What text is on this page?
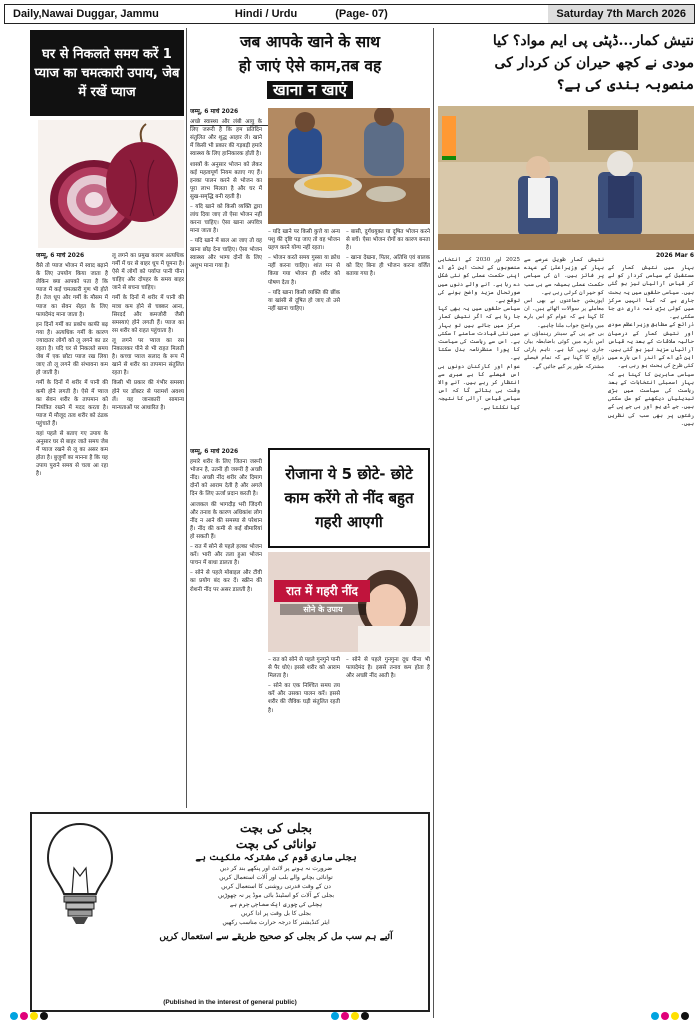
Daily,Nawai Duggar, Jammu	Hindi / Urdu	(Page- 07)	Saturday 7th March 2026
घर से निकलते समय करें 1 प्याज का चमत्कारी उपाय, जेब में रखें प्याज

जम्मू, 6 मार्च 2026

वैसे तो प्याज भोजन में स्वाद बढ़ाने के लिए उपयोग किया जाता है लेकिन क्या आपको पता है कि प्याज में कई चमत्कारी गुण भी होते हैं। तेज धूप और गर्मी के मौसम में प्याज का सेवन सेहत के लिए फायदेमंद माना जाता है।

इन दिनों गर्मी का प्रकोप काफी बढ़ गया है। अत्यधिक गर्मी के कारण ज्यादातर लोगों को लू लगने का डर रहता है। यदि घर से निकलते समय जेब में एक छोटा प्याज रख लिया जाए तो लू लगने की संभावना कम हो जाती है।

गर्मी के दिनों में शरीर में पानी की कमी होने लगती है। ऐसे में प्याज का सेवन शरीर के तापमान को नियंत्रित रखने में मदद करता है। प्याज में मौजूद तत्व शरीर को ठंडक पहुंचाते हैं।

यहां पहले से बताए गए उपाय के अनुसार घर से बाहर जाते समय जेब में प्याज रखने से लू का असर कम होता है। बुजुर्गों का मानना है कि यह उपाय पुराने समय से चला आ रहा है।

लू लगने का प्रमुख कारण अत्यधिक गर्मी में घर से बाहर धूप में घूमना है। ऐसे में लोगों को पर्याप्त पानी पीना चाहिए और दोपहर के समय बाहर जाने से बचना चाहिए।

गर्मी के दिनों में शरीर में पानी की मात्रा कम होने से चक्कर आना, सिरदर्द और कमजोरी जैसी समस्याएं होने लगती हैं। प्याज का रस शरीर को राहत पहुंचाता है।

लू लगने पर प्याज का रस निकालकर पीने से भी राहत मिलती है। कच्चा प्याज सलाद के रूप में खाने से शरीर का तापमान संतुलित रहता है।

किसी भी प्रकार की गंभीर समस्या होने पर डॉक्टर से परामर्श अवश्य लें। यह जानकारी सामान्य मान्यताओं पर आधारित है।

जब आपके खाने के साथ
हो जाएं ऐसे काम,तब वह
खाना न खाएं

जम्मू, 6 मार्च 2026

अच्छे स्वास्थ्य और लंबी आयु के लिए जरूरी है कि हम प्रतिदिन संतुलित और शुद्ध आहार लें। खाने में किसी भी प्रकार की गड़बड़ी हमारे स्वास्थ्य के लिए हानिकारक होती है।

शास्त्रों के अनुसार भोजन को लेकर कई महत्वपूर्ण नियम बताए गए हैं। इनका पालन करने से भोजन का पूरा लाभ मिलता है और घर में सुख-समृद्धि बनी रहती है।

– यदि खाने को किसी व्यक्ति द्वारा लांघ दिया जाए तो ऐसा भोजन नहीं करना चाहिए। ऐसा खाना अपवित्र माना जाता है।

– यदि खाने में बाल आ जाए तो वह खाना छोड़ देना चाहिए। ऐसा भोजन स्वास्थ्य और भाग्य दोनों के लिए अशुभ माना गया है।

– यदि खाने पर किसी कुत्ते या अन्य पशु की दृष्टि पड़ जाए तो वह भोजन ग्रहण करने योग्य नहीं रहता।

– भोजन करते समय गुस्सा या क्रोध नहीं करना चाहिए। शांत मन से किया गया भोजन ही शरीर को पोषण देता है।

– यदि खाना किसी व्यक्ति की छींक या खांसी से दूषित हो जाए तो उसे नहीं खाना चाहिए।

– बासी, दुर्गंधयुक्त या दूषित भोजन करने से बचें। ऐसा भोजन रोगों का कारण बनता है।

– खाना देखना, पितर, अतिथि एवं बालक को दिए बिना ही भोजन करना वर्जित बताया गया है।

रोजाना ये 5 छोटे- छोटे
काम करेंगे तो नींद बहुत
गहरी आएगी

जम्मू, 6 मार्च 2026

हमारे शरीर के लिए जितना जरूरी भोजन है, उतनी ही जरूरी है अच्छी नींद। अच्छी नींद शरीर और दिमाग दोनों को आराम देती है और अगले दिन के लिए ऊर्जा प्रदान करती है।

आजकल की भागदौड़ भरी जिंदगी और तनाव के कारण अधिकांश लोग नींद न आने की समस्या से परेशान हैं। नींद की कमी से कई बीमारियां हो सकती हैं।

– रात में सोने से पहले हल्का भोजन करें। भारी और तला हुआ भोजन पाचन में बाधा डालता है।

– सोने से पहले मोबाइल और टीवी का प्रयोग बंद कर दें। स्क्रीन की रोशनी नींद पर असर डालती है।	रात में गहरी नींद
सोने के उपाय

– रात को सोने से पहले गुनगुने पानी से पैर धोएं। इससे शरीर को आराम मिलता है।

– सोने का एक निश्चित समय तय करें और उसका पालन करें। इससे शरीर की जैविक घड़ी संतुलित रहती है।

– सोने से पहले गुनगुना दूध पीना भी फायदेमंद है। इससे तनाव कम होता है और अच्छी नींद आती है।

بجلی کی بچت
توانائی کی بچت
بجلی ساری قوم کی مشترکہ ملکیت ہے
ضرورت نہ ہونے پر لائٹ اور پنکھے بند کر دیں
توانائی بچانے والے بلب اور آلات استعمال کریں
دن کے وقت قدرتی روشنی کا استعمال کریں
بجلی کے آلات کو اسٹینڈ بائی موڈ پر نہ چھوڑیں
بجلی کی چوری ایک سماجی جرم ہے
بجلی کا بل وقت پر ادا کریں
ایئر کنڈیشنر کا درجہ حرارت مناسب رکھیں
آئیے ہم سب مل کر بجلی کو صحیح طریقے سے استعمال کریں
(Published in the interest of general public)
نتیش کمار...ڈپٹی پی ایم مواد؟ کیا
مودی نے کچھ حیران کن کردار کی
منصوبہ بندی کی ہے؟
2026 Mar 6

بہار میں نتیش کمار کے مستقبل کے سیاسی کردار کو لے کر قیاس آرائیاں تیز ہو گئی ہیں۔ سیاسی حلقوں میں یہ بحث جاری ہے کہ کیا انہیں مرکز میں کوئی بڑی ذمہ داری دی جا سکتی ہے۔

ذرائع کے مطابق وزیراعظم مودی اور نتیش کمار کے درمیان حالیہ ملاقات کے بعد یہ قیاس آرائیاں مزید تیز ہو گئی ہیں۔ این ڈی اے کے اندر اس بارے میں کئی طرح کی بحث ہو رہی ہے۔

سیاسی ماہرین کا کہنا ہے کہ بہار اسمبلی انتخابات کے بعد ریاست کی سیاست میں بڑی تبدیلیاں دیکھنے کو مل سکتی ہیں۔ جے ڈی یو اور بی جے پی کے رشتوں پر بھی سب کی نظریں ہیں۔

نتیش کمار طویل عرصے سے بہار کے وزیراعلیٰ کے عہدے پر فائز ہیں۔ ان کی سیاسی حکمت عملی ہمیشہ سے ہی سب کو حیران کرتی رہی ہے۔

اپوزیشن جماعتوں نے بھی اس معاملے پر سوالات اٹھائے ہیں۔ ان کا کہنا ہے کہ عوام کو اس بارے میں واضح جواب ملنا چاہیے۔

بی جے پی کے سینئر رہنماؤں نے اس بارے میں کوئی باضابطہ بیان جاری نہیں کیا ہے۔ تاہم پارٹی ذرائع کا کہنا ہے کہ تمام فیصلے مشترکہ طور پر کیے جائیں گے۔

2025 اور 2030 کے انتخابی منصوبوں کے تحت این ڈی اے اپنی حکمت عملی کو نئی شکل دے رہا ہے۔ آنے والے دنوں میں صورتحال مزید واضح ہونے کی توقع ہے۔

سیاسی حلقوں میں یہ بھی کہا جا رہا ہے کہ اگر نتیش کمار مرکز میں جاتے ہیں تو بہار میں نئی قیادت سامنے آ سکتی ہے۔ اس سے ریاست کی سیاست کا پورا منظرنامہ بدل سکتا ہے۔

عوام اور کارکنان دونوں ہی اس فیصلے کا بے صبری سے انتظار کر رہے ہیں۔ آنے والا وقت ہی بتائے گا کہ اس سیاسی قیاس آرائی کا نتیجہ کیا نکلتا ہے۔
